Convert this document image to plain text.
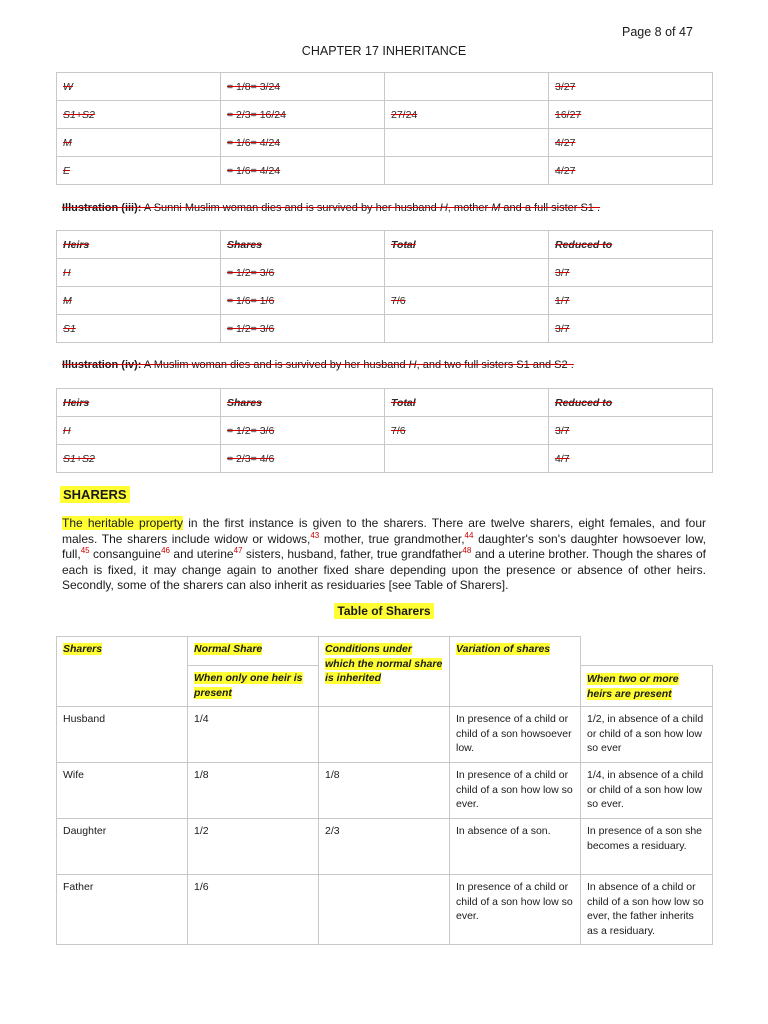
Page 8 of 47
CHAPTER 17 INHERITANCE
W	= 1/8= 3/24		3/27
S1+S2	= 2/3= 16/24	27/24	16/27
M	= 1/6= 4/24		4/27
E	= 1/6= 4/24		4/27
Illustration (iii): A Sunni Muslim woman dies and is survived by her husband H, mother M and a full sister S1 .
Heirs	Shares	Total	Reduced to
H	= 1/2= 3/6		3/7
M	= 1/6= 1/6	7/6	1/7
S1	= 1/2= 3/6		3/7
Illustration (iv): A Muslim woman dies and is survived by her husband H, and two full sisters S1 and S2 .
Heirs	Shares	Total	Reduced to
H	= 1/2= 3/6	7/6	3/7
S1+S2	= 2/3= 4/6		4/7
SHARERS
The heritable property in the first instance is given to the sharers. There are twelve sharers, eight females, and four males. The sharers include widow or widows,$^{43}$ mother, true grandmother,$^{44}$ daughter's son's daughter howsoever low, full,$^{45}$ consanguine$^{46}$ and uterine$^{47}$ sisters, husband, father, true grandfather$^{48}$ and a uterine brother. Though the shares of each is fixed, it may change again to another fixed share depending upon the presence or absence of other heirs. Secondly, some of the sharers can also inherit as residuaries [see Table of Sharers].
Table of Sharers
Sharers	Normal Share	Conditions under which the normal share is inherited	Variation of shares	
	When only one heir is present			When two or more heirs are present
Husband	1/4		In presence of a child or child of a son howsoever low.	1/2, in absence of a child or child of a son how low so ever
Wife	1/8	1/8	In presence of a child or child of a son how low so ever.	1/4, in absence of a child or child of a son how low so ever.
Daughter	1/2	2/3	In absence of a son.	In presence of a son she becomes a residuary.
Father	1/6		In presence of a child or child of a son how low so ever.	In absence of a child or child of a son how low so ever, the father inherits as a residuary.
